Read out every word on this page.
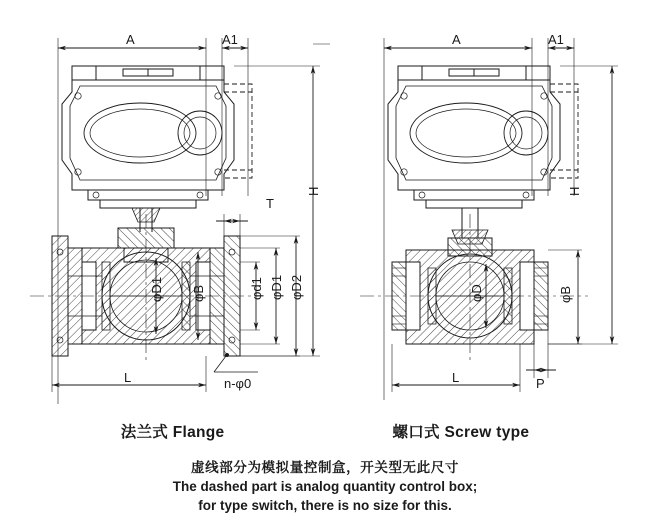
A	A1
T
H
φD2
φD1
φd1
φB
φD1
L	n-φ0
A	A1
H
φB
φD
L	P
法兰式 Flange	螺口式 Screw type
虚线部分为模拟量控制盒，开关型无此尺寸
The dashed part is analog quantity control box;
for type switch, there is no size for this.
